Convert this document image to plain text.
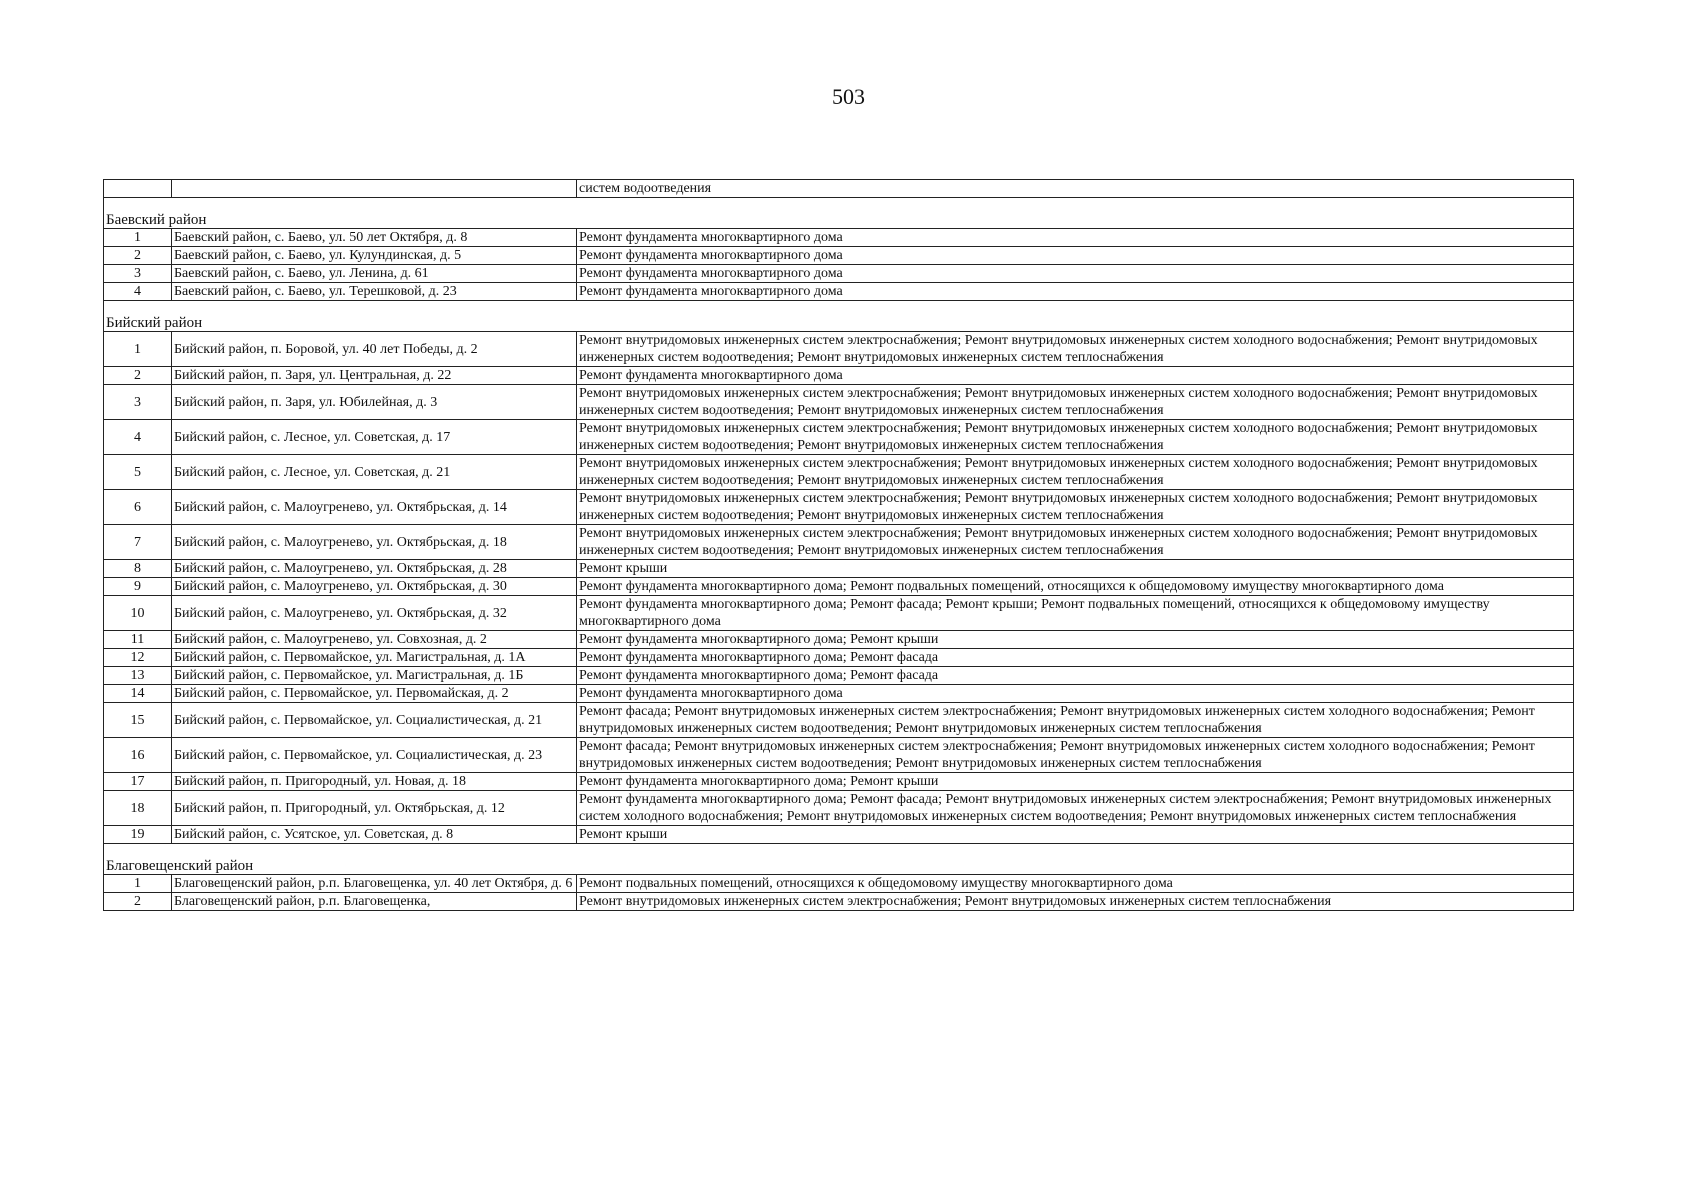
503
		систем водоотведения
Баевский район		
1	Баевский район, с. Баево, ул. 50 лет Октября, д. 8	Ремонт фундамента многоквартирного дома
2	Баевский район, с. Баево, ул. Кулундинская, д. 5	Ремонт фундамента многоквартирного дома
3	Баевский район, с. Баево, ул. Ленина, д. 61	Ремонт фундамента многоквартирного дома
4	Баевский район, с. Баево, ул. Терешковой, д. 23	Ремонт фундамента многоквартирного дома
Бийский район		
1	Бийский район, п. Боровой, ул. 40 лет Победы, д. 2	Ремонт внутридомовых инженерных систем электроснабжения; Ремонт внутридомовых инженерных систем холодного водоснабжения; Ремонт внутридомовых инженерных систем водоотведения; Ремонт внутридомовых инженерных систем теплоснабжения
2	Бийский район, п. Заря, ул. Центральная, д. 22	Ремонт фундамента многоквартирного дома
3	Бийский район, п. Заря, ул. Юбилейная, д. 3	Ремонт внутридомовых инженерных систем электроснабжения; Ремонт внутридомовых инженерных систем холодного водоснабжения; Ремонт внутридомовых инженерных систем водоотведения; Ремонт внутридомовых инженерных систем теплоснабжения
4	Бийский район, с. Лесное, ул. Советская, д. 17	Ремонт внутридомовых инженерных систем электроснабжения; Ремонт внутридомовых инженерных систем холодного водоснабжения; Ремонт внутридомовых инженерных систем водоотведения; Ремонт внутридомовых инженерных систем теплоснабжения
5	Бийский район, с. Лесное, ул. Советская, д. 21	Ремонт внутридомовых инженерных систем электроснабжения; Ремонт внутридомовых инженерных систем холодного водоснабжения; Ремонт внутридомовых инженерных систем водоотведения; Ремонт внутридомовых инженерных систем теплоснабжения
6	Бийский район, с. Малоугренево, ул. Октябрьская, д. 14	Ремонт внутридомовых инженерных систем электроснабжения; Ремонт внутридомовых инженерных систем холодного водоснабжения; Ремонт внутридомовых инженерных систем водоотведения; Ремонт внутридомовых инженерных систем теплоснабжения
7	Бийский район, с. Малоугренево, ул. Октябрьская, д. 18	Ремонт внутридомовых инженерных систем электроснабжения; Ремонт внутридомовых инженерных систем холодного водоснабжения; Ремонт внутридомовых инженерных систем водоотведения; Ремонт внутридомовых инженерных систем теплоснабжения
8	Бийский район, с. Малоугренево, ул. Октябрьская, д. 28	Ремонт крыши
9	Бийский район, с. Малоугренево, ул. Октябрьская, д. 30	Ремонт фундамента многоквартирного дома; Ремонт подвальных помещений, относящихся к общедомовому имуществу многоквартирного дома
10	Бийский район, с. Малоугренево, ул. Октябрьская, д. 32	Ремонт фундамента многоквартирного дома; Ремонт фасада; Ремонт крыши; Ремонт подвальных помещений, относящихся к общедомовому имуществу многоквартирного дома
11	Бийский район, с. Малоугренево, ул. Совхозная, д. 2	Ремонт фундамента многоквартирного дома; Ремонт крыши
12	Бийский район, с. Первомайское, ул. Магистральная, д. 1А	Ремонт фундамента многоквартирного дома; Ремонт фасада
13	Бийский район, с. Первомайское, ул. Магистральная, д. 1Б	Ремонт фундамента многоквартирного дома; Ремонт фасада
14	Бийский район, с. Первомайское, ул. Первомайская, д. 2	Ремонт фундамента многоквартирного дома
15	Бийский район, с. Первомайское, ул. Социалистическая, д. 21	Ремонт фасада; Ремонт внутридомовых инженерных систем электроснабжения; Ремонт внутридомовых инженерных систем холодного водоснабжения; Ремонт внутридомовых инженерных систем водоотведения; Ремонт внутридомовых инженерных систем теплоснабжения
16	Бийский район, с. Первомайское, ул. Социалистическая, д. 23	Ремонт фасада; Ремонт внутридомовых инженерных систем электроснабжения; Ремонт внутридомовых инженерных систем холодного водоснабжения; Ремонт внутридомовых инженерных систем водоотведения; Ремонт внутридомовых инженерных систем теплоснабжения
17	Бийский район, п. Пригородный, ул. Новая, д. 18	Ремонт фундамента многоквартирного дома; Ремонт крыши
18	Бийский район, п. Пригородный, ул. Октябрьская, д. 12	Ремонт фундамента многоквартирного дома; Ремонт фасада; Ремонт внутридомовых инженерных систем электроснабжения; Ремонт внутридомовых инженерных систем холодного водоснабжения; Ремонт внутридомовых инженерных систем водоотведения; Ремонт внутридомовых инженерных систем теплоснабжения
19	Бийский район, с. Усятское, ул. Советская, д. 8	Ремонт крыши
Благовещенский район		
1	Благовещенский район, р.п. Благовещенка, ул. 40 лет Октября, д. 6	Ремонт подвальных помещений, относящихся к общедомовому имуществу многоквартирного дома
2	Благовещенский район, р.п. Благовещенка,	Ремонт внутридомовых инженерных систем электроснабжения; Ремонт внутридомовых инженерных систем теплоснабжения
